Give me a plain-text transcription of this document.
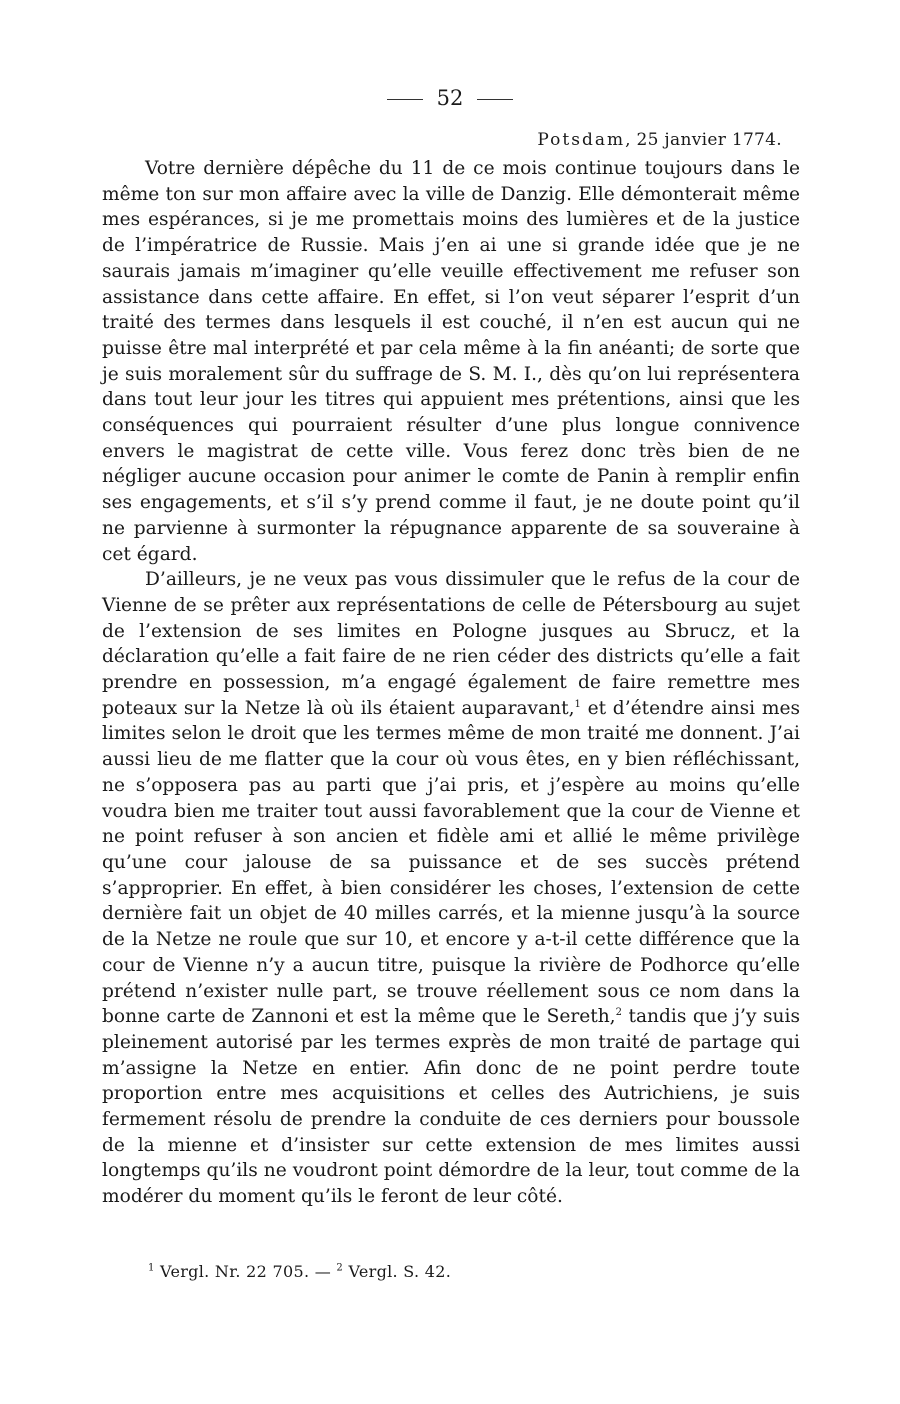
52
Potsdam, 25 janvier 1774.

Votre dernière dépêche du 11 de ce mois continue toujours dans le même ton sur mon affaire avec la ville de Danzig. Elle démonterait même mes espérances, si je me promettais moins des lumières et de la justice de l’impératrice de Russie. Mais j’en ai une si grande idée que je ne saurais jamais m’imaginer qu’elle veuille effectivement me refuser son assistance dans cette affaire. En effet, si l’on veut séparer l’esprit d’un traité des termes dans lesquels il est couché, il n’en est aucun qui ne puisse être mal interprété et par cela même à la fin anéanti; de sorte que je suis moralement sûr du suffrage de S. M. I., dès qu’on lui représentera dans tout leur jour les titres qui appuient mes prétentions, ainsi que les conséquences qui pourraient résulter d’une plus longue connivence envers le magistrat de cette ville. Vous ferez donc très bien de ne négliger aucune occasion pour animer le comte de Panin à remplir enfin ses engagements, et s’il s’y prend comme il faut, je ne doute point qu’il ne parvienne à surmonter la répugnance apparente de sa souveraine à cet égard.

D’ailleurs, je ne veux pas vous dissimuler que le refus de la cour de Vienne de se prêter aux représentations de celle de Pétersbourg au sujet de l’extension de ses limites en Pologne jusques au Sbrucz, et la déclaration qu’elle a fait faire de ne rien céder des districts qu’elle a fait prendre en possession, m’a engagé également de faire remettre mes poteaux sur la Netze là où ils étaient auparavant,$^1$ et d’étendre ainsi mes limites selon le droit que les termes même de mon traité me donnent. J’ai aussi lieu de me flatter que la cour où vous êtes, en y bien réfléchissant, ne s’opposera pas au parti que j’ai pris, et j’espère au moins qu’elle voudra bien me traiter tout aussi favorablement que la cour de Vienne et ne point refuser à son ancien et fidèle ami et allié le même privilège qu’une cour jalouse de sa puissance et de ses succès prétend s’approprier. En effet, à bien considérer les choses, l’extension de cette dernière fait un objet de 40 milles carrés, et la mienne jusqu’à la source de la Netze ne roule que sur 10, et encore y a-t-il cette différence que la cour de Vienne n’y a aucun titre, puisque la rivière de Podhorce qu’elle prétend n’exister nulle part, se trouve réellement sous ce nom dans la bonne carte de Zannoni et est la même que le Sereth,$^2$ tandis que j’y suis pleinement autorisé par les termes exprès de mon traité de partage qui m’assigne la Netze en entier. Afin donc de ne point perdre toute proportion entre mes acquisitions et celles des Autrichiens, je suis fermement résolu de prendre la conduite de ces derniers pour boussole de la mienne et d’insister sur cette extension de mes limites aussi longtemps qu’ils ne voudront point démordre de la leur, tout comme de la modérer du moment qu’ils le feront de leur côté.

$^1$ Vergl. Nr. 22 705. — $^2$ Vergl. S. 42.
